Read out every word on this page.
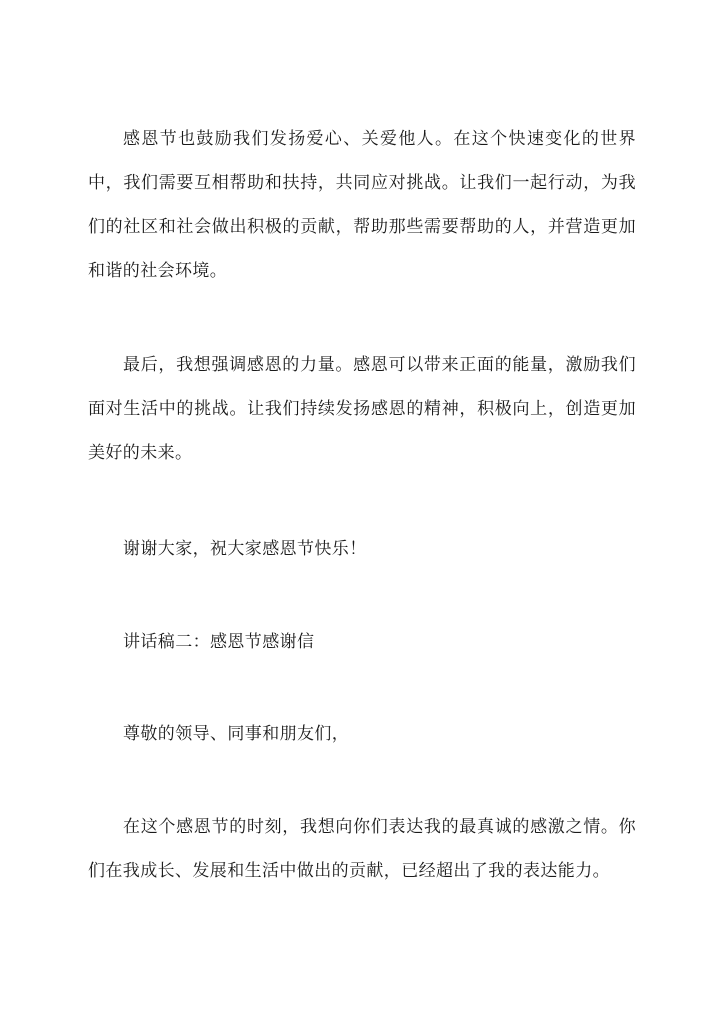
感恩节也鼓励我们发扬爱心、关爱他人。在这个快速变化的世界中，我们需要互相帮助和扶持，共同应对挑战。让我们一起行动，为我们的社区和社会做出积极的贡献，帮助那些需要帮助的人，并营造更加和谐的社会环境。

最后，我想强调感恩的力量。感恩可以带来正面的能量，激励我们面对生活中的挑战。让我们持续发扬感恩的精神，积极向上，创造更加美好的未来。

谢谢大家，祝大家感恩节快乐！

讲话稿二：感恩节感谢信

尊敬的领导、同事和朋友们，

在这个感恩节的时刻，我想向你们表达我的最真诚的感激之情。你们在我成长、发展和生活中做出的贡献，已经超出了我的表达能力。
